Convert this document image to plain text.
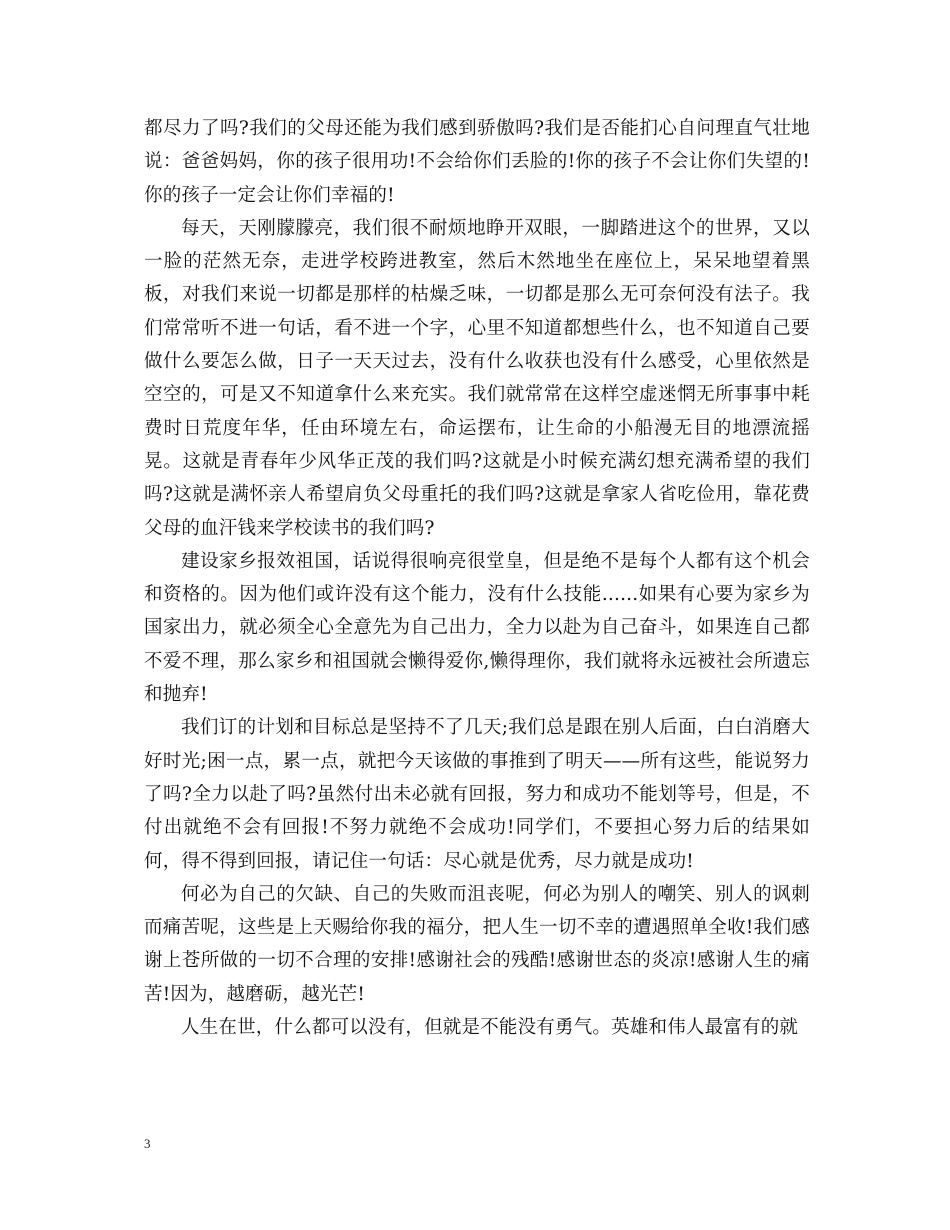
都尽力了吗?我们的父母还能为我们感到骄傲吗?我们是否能扪心自问理直气壮地说：爸爸妈妈，你的孩子很用功!不会给你们丢脸的!你的孩子不会让你们失望的!你的孩子一定会让你们幸福的!

每天，天刚朦朦亮，我们很不耐烦地睁开双眼，一脚踏进这个的世界，又以一脸的茫然无奈，走进学校跨进教室，然后木然地坐在座位上，呆呆地望着黑板，对我们来说一切都是那样的枯燥乏味，一切都是那么无可奈何没有法子。我们常常听不进一句话，看不进一个字，心里不知道都想些什么，也不知道自己要做什么要怎么做，日子一天天过去，没有什么收获也没有什么感受，心里依然是空空的，可是又不知道拿什么来充实。我们就常常在这样空虚迷惘无所事事中耗费时日荒度年华，任由环境左右，命运摆布，让生命的小船漫无目的地漂流摇晃。这就是青春年少风华正茂的我们吗?这就是小时候充满幻想充满希望的我们吗?这就是满怀亲人希望肩负父母重托的我们吗?这就是拿家人省吃俭用，靠花费父母的血汗钱来学校读书的我们吗?

建设家乡报效祖国，话说得很响亮很堂皇，但是绝不是每个人都有这个机会和资格的。因为他们或许没有这个能力，没有什么技能......如果有心要为家乡为国家出力，就必须全心全意先为自己出力，全力以赴为自己奋斗，如果连自己都不爱不理，那么家乡和祖国就会懒得爱你,懒得理你，我们就将永远被社会所遗忘和抛弃!

我们订的计划和目标总是坚持不了几天;我们总是跟在别人后面，白白消磨大好时光;困一点，累一点，就把今天该做的事推到了明天——所有这些，能说努力了吗?全力以赴了吗?虽然付出未必就有回报，努力和成功不能划等号，但是，不付出就绝不会有回报!不努力就绝不会成功!同学们，不要担心努力后的结果如何，得不得到回报，请记住一句话：尽心就是优秀，尽力就是成功!

何必为自己的欠缺、自己的失败而沮丧呢，何必为别人的嘲笑、别人的讽刺而痛苦呢，这些是上天赐给你我的福分，把人生一切不幸的遭遇照单全收!我们感谢上苍所做的一切不合理的安排!感谢社会的残酷!感谢世态的炎凉!感谢人生的痛苦!因为，越磨砺，越光芒!

人生在世，什么都可以没有，但就是不能没有勇气。英雄和伟人最富有的就

3
